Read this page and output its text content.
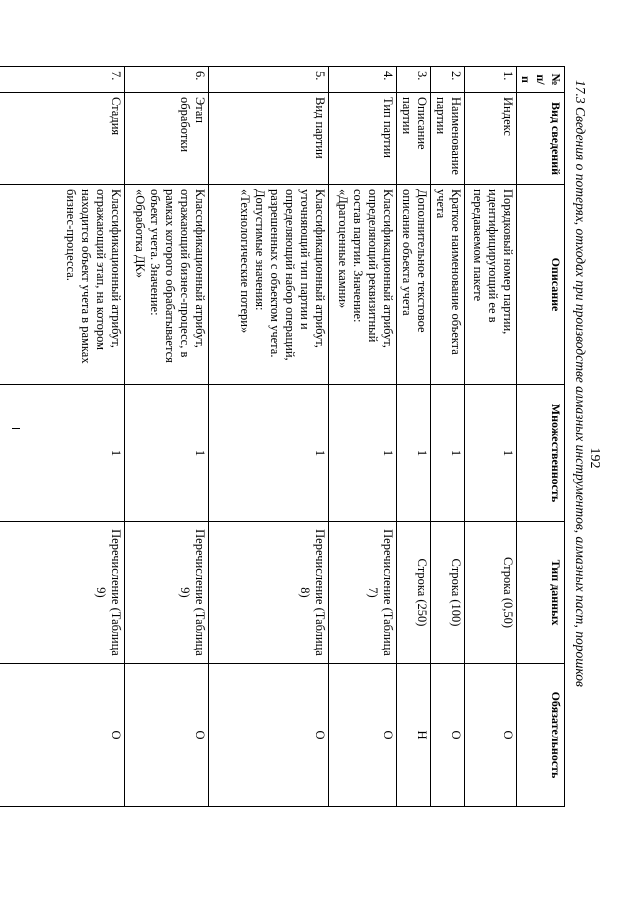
192
17.3 Сведения о потерях, отходах при производстве алмазных инструментов, алмазных паст, порошков
№ п/п	Вид сведений	Описание	Множественность	Тип данных	Обязательность
1.	Индекс	Порядковый номер партии, идентифицирующий ее в передаваемом пакете	1	Строка (0,50)	О
2.	Наименование партии	Краткое наименование объекта учета	1	Строка (100)	О
3.	Описание партии	Дополнительное текстовое описание объекта учета	1	Строка (250)	Н
4.	Тип партии	Классификационный атрибут, определяющий реквизитный состав партии. Значение: «Драгоценные камни»	1	Перечисление (Таблица 7)	О
5.	Вид партии	Классификационный атрибут, уточняющий тип партии и определяющий набор операций, разрешенных с объектом учета. Допустимые значения: «Технологические потери»	1	Перечисление (Таблица 8)	О
6.	Этап обработки	Классификационный атрибут, отражающий бизнес-процесс, в рамках которого обрабатывается объект учета. Значение: «Обработка ДК»	1	Перечисление (Таблица 9)	О
7.	Стадия	Классификационный атрибут, отражающий этап, на котором находится объект учета в рамках бизнес-процесса.	1	Перечисление (Таблица 9)	О
